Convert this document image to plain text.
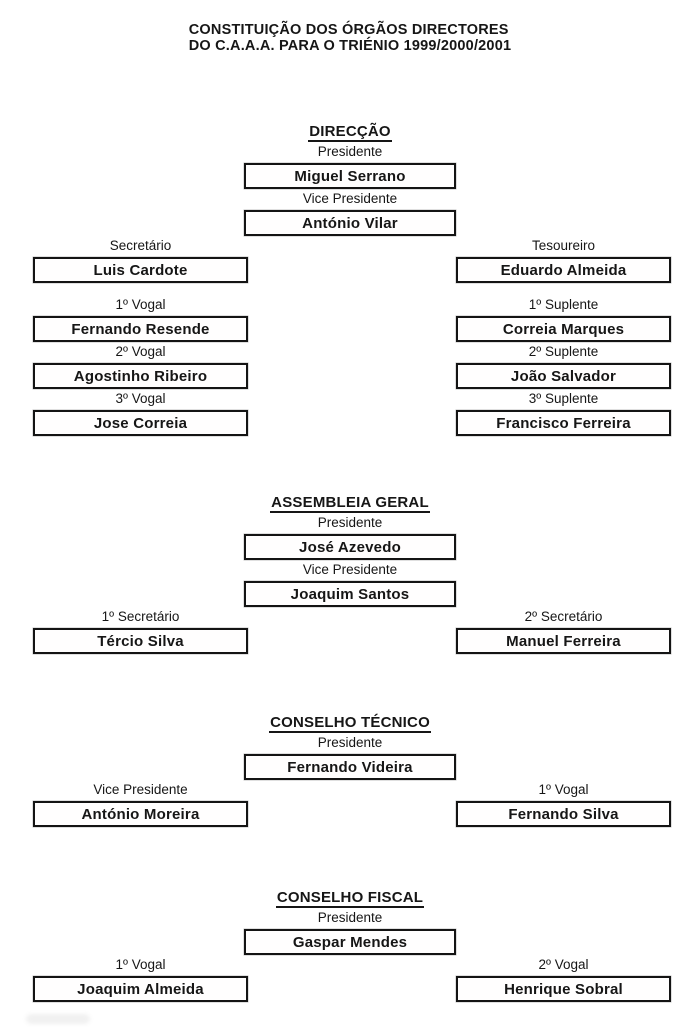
CONSTITUIÇÃO DOS ÓRGÃOS DIRECTORES
DO C.A.A.A. PARA O TRIÉNIO 1999/2000/2001
DIRECÇÃO
Presidente
Miguel Serrano
Vice Presidente
António Vilar
Secretário
Luis Cardote
Tesoureiro
Eduardo Almeida
1º Vogal
Fernando Resende
2º Vogal
Agostinho Ribeiro
3º Vogal
Jose Correia
1º Suplente
Correia Marques
2º Suplente
João Salvador
3º Suplente
Francisco Ferreira
ASSEMBLEIA GERAL
Presidente
José Azevedo
Vice Presidente
Joaquim Santos
1º Secretário
Tércio Silva
2º Secretário
Manuel Ferreira
CONSELHO TÉCNICO
Presidente
Fernando Videira
Vice Presidente
António Moreira
1º Vogal
Fernando Silva
CONSELHO FISCAL
Presidente
Gaspar Mendes
1º Vogal
Joaquim Almeida
2º Vogal
Henrique Sobral
